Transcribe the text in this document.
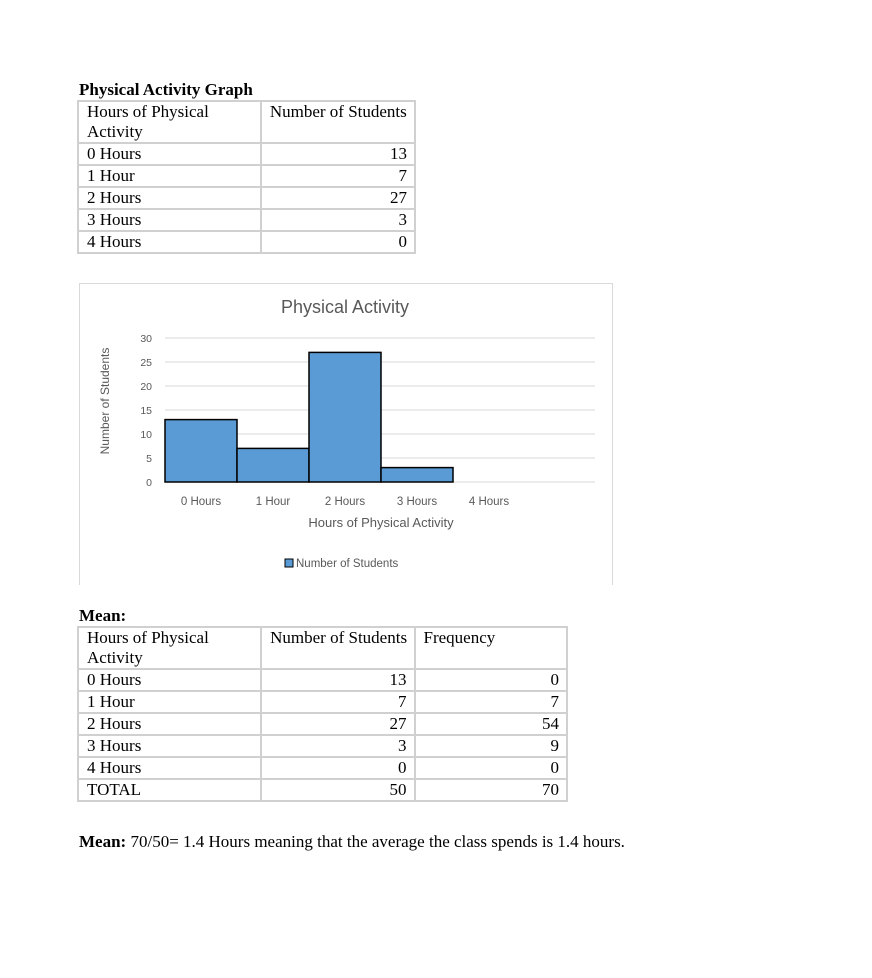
Physical Activity Graph
Hours of Physical Activity	Number of Students
0 Hours	13
1 Hour	7
2 Hours	27
3 Hours	3
4 Hours	0
Physical Activity
0
5
10
15
20
25
30
0 Hours	1 Hour	2 Hours	3 Hours	4 Hours
Hours of Physical Activity
Number of Students
Number of Students
Mean:
Hours of Physical Activity	Number of Students	Frequency
0 Hours	13	0
1 Hour	7	7
2 Hours	27	54
3 Hours	3	9
4 Hours	0	0
TOTAL	50	70
Mean: 70/50= 1.4 Hours meaning that the average the class spends is 1.4 hours.
